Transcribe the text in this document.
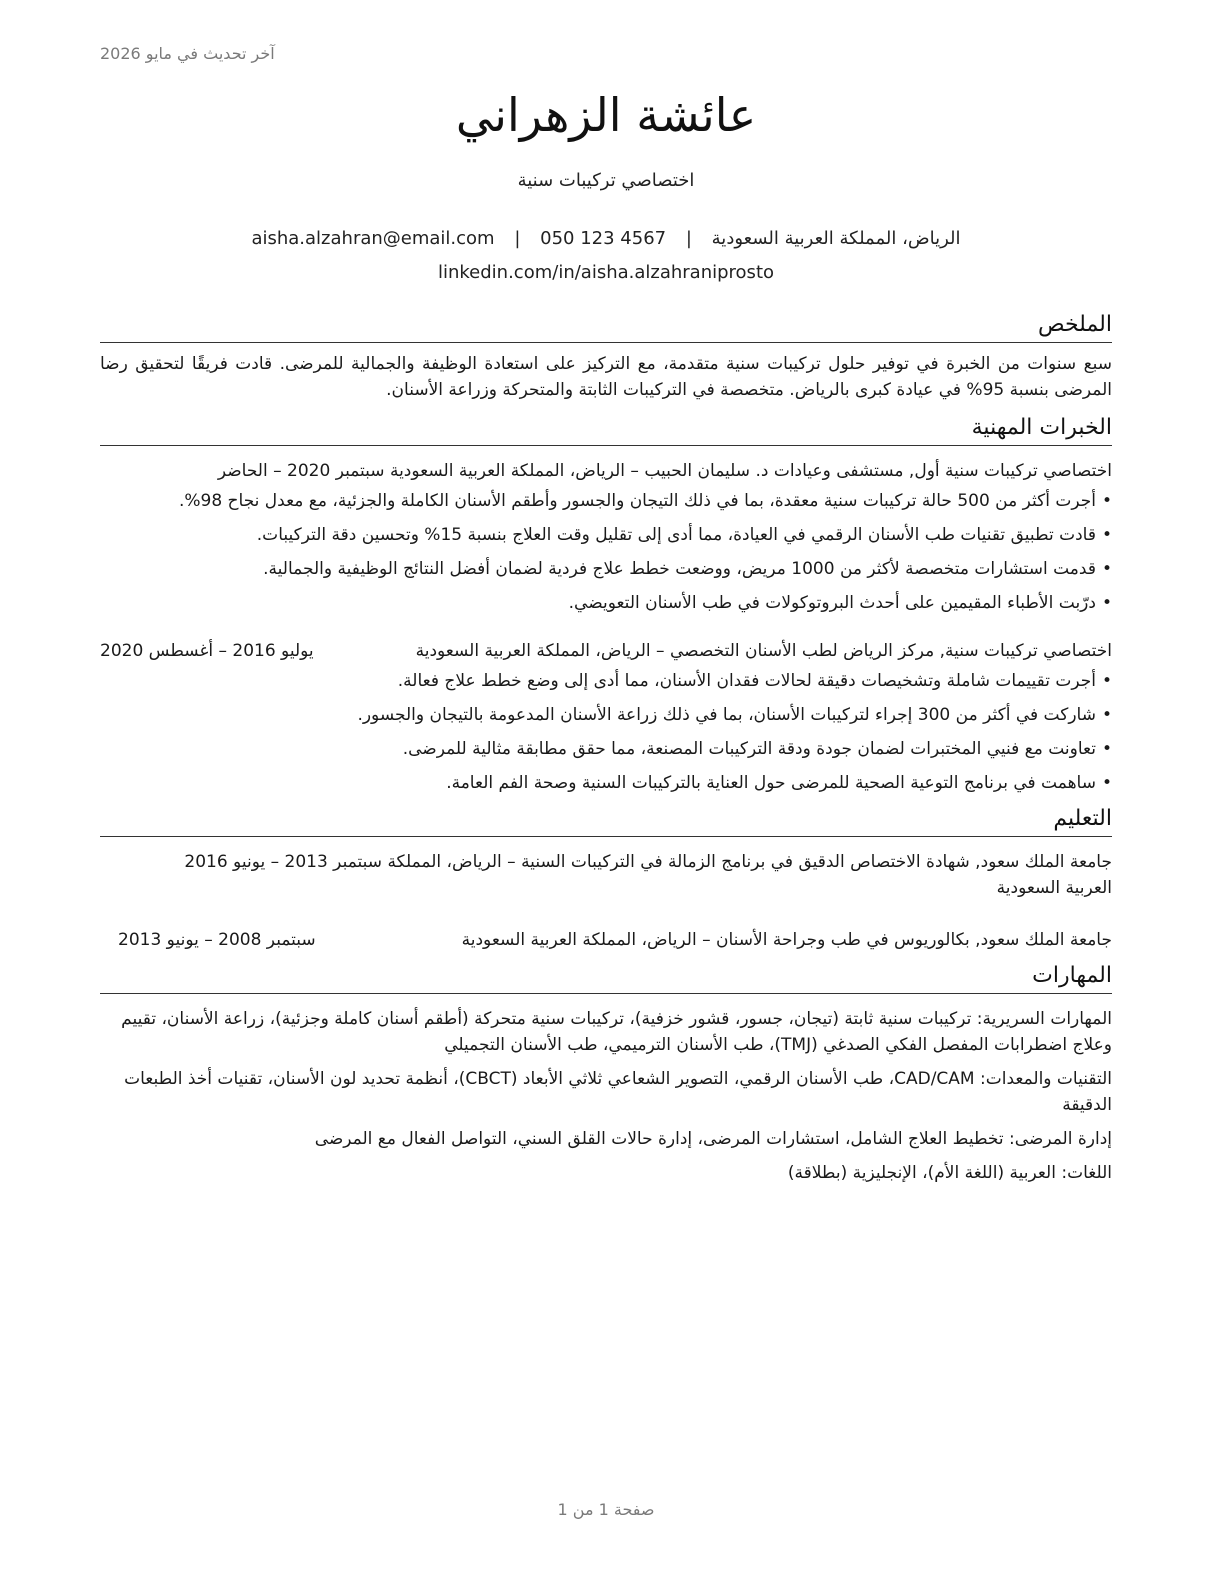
آخر تحديث في مايو 2026
عائشة الزهراني
اختصاصي تركيبات سنية
الرياض، المملكة العربية السعودية | aisha.alzahran@email.com | 050 123 4567
linkedin.com/in/aisha.alzahraniprosto
الملخص

سبع سنوات من الخبرة في توفير حلول تركيبات سنية متقدمة، مع التركيز على استعادة الوظيفة والجمالية للمرضى. قادت فريقًا لتحقيق رضا المرضى بنسبة 95% في عيادة كبرى بالرياض. متخصصة في التركيبات الثابتة والمتحركة وزراعة الأسنان.

الخبرات المهنية

اختصاصي تركيبات سنية أول, مستشفى وعيادات د. سليمان الحبيب – الرياض، المملكة العربية السعودية سبتمبر 2020 – الحاضر

• أجرت أكثر من 500 حالة تركيبات سنية معقدة، بما في ذلك التيجان والجسور وأطقم الأسنان الكاملة والجزئية، مع معدل نجاح 98%.
• قادت تطبيق تقنيات طب الأسنان الرقمي في العيادة، مما أدى إلى تقليل وقت العلاج بنسبة 15% وتحسين دقة التركيبات.
• قدمت استشارات متخصصة لأكثر من 1000 مريض، ووضعت خطط علاج فردية لضمان أفضل النتائج الوظيفية والجمالية.
• درّبت الأطباء المقيمين على أحدث البروتوكولات في طب الأسنان التعويضي.

اختصاصي تركيبات سنية, مركز الرياض لطب الأسنان التخصصي – الرياض، المملكة العربية السعودية
يوليو 2016 – أغسطس 2020

• أجرت تقييمات شاملة وتشخيصات دقيقة لحالات فقدان الأسنان، مما أدى إلى وضع خطط علاج فعالة.
• شاركت في أكثر من 300 إجراء لتركيبات الأسنان، بما في ذلك زراعة الأسنان المدعومة بالتيجان والجسور.
• تعاونت مع فنيي المختبرات لضمان جودة ودقة التركيبات المصنعة، مما حقق مطابقة مثالية للمرضى.
• ساهمت في برنامج التوعية الصحية للمرضى حول العناية بالتركيبات السنية وصحة الفم العامة.
التعليم
جامعة الملك سعود, شهادة الاختصاص الدقيق في برنامج الزمالة في التركيبات السنية – الرياض، المملكة سبتمبر 2013 – يونيو 2016
العربية السعودية
جامعة الملك سعود, بكالوريوس في طب وجراحة الأسنان – الرياض، المملكة العربية السعودية
سبتمبر 2008 – يونيو 2013
المهارات

المهارات السريرية: تركيبات سنية ثابتة (تيجان، جسور، قشور خزفية)، تركيبات سنية متحركة (أطقم أسنان كاملة وجزئية)، زراعة الأسنان، تقييم وعلاج اضطرابات المفصل الفكي الصدغي (TMJ)، طب الأسنان الترميمي، طب الأسنان التجميلي

التقنيات والمعدات: CAD/CAM، طب الأسنان الرقمي، التصوير الشعاعي ثلاثي الأبعاد (CBCT)، أنظمة تحديد لون الأسنان، تقنيات أخذ الطبعات الدقيقة

إدارة المرضى: تخطيط العلاج الشامل، استشارات المرضى، إدارة حالات القلق السني، التواصل الفعال مع المرضى

اللغات: العربية (اللغة الأم)، الإنجليزية (بطلاقة)

صفحة 1 من 1
